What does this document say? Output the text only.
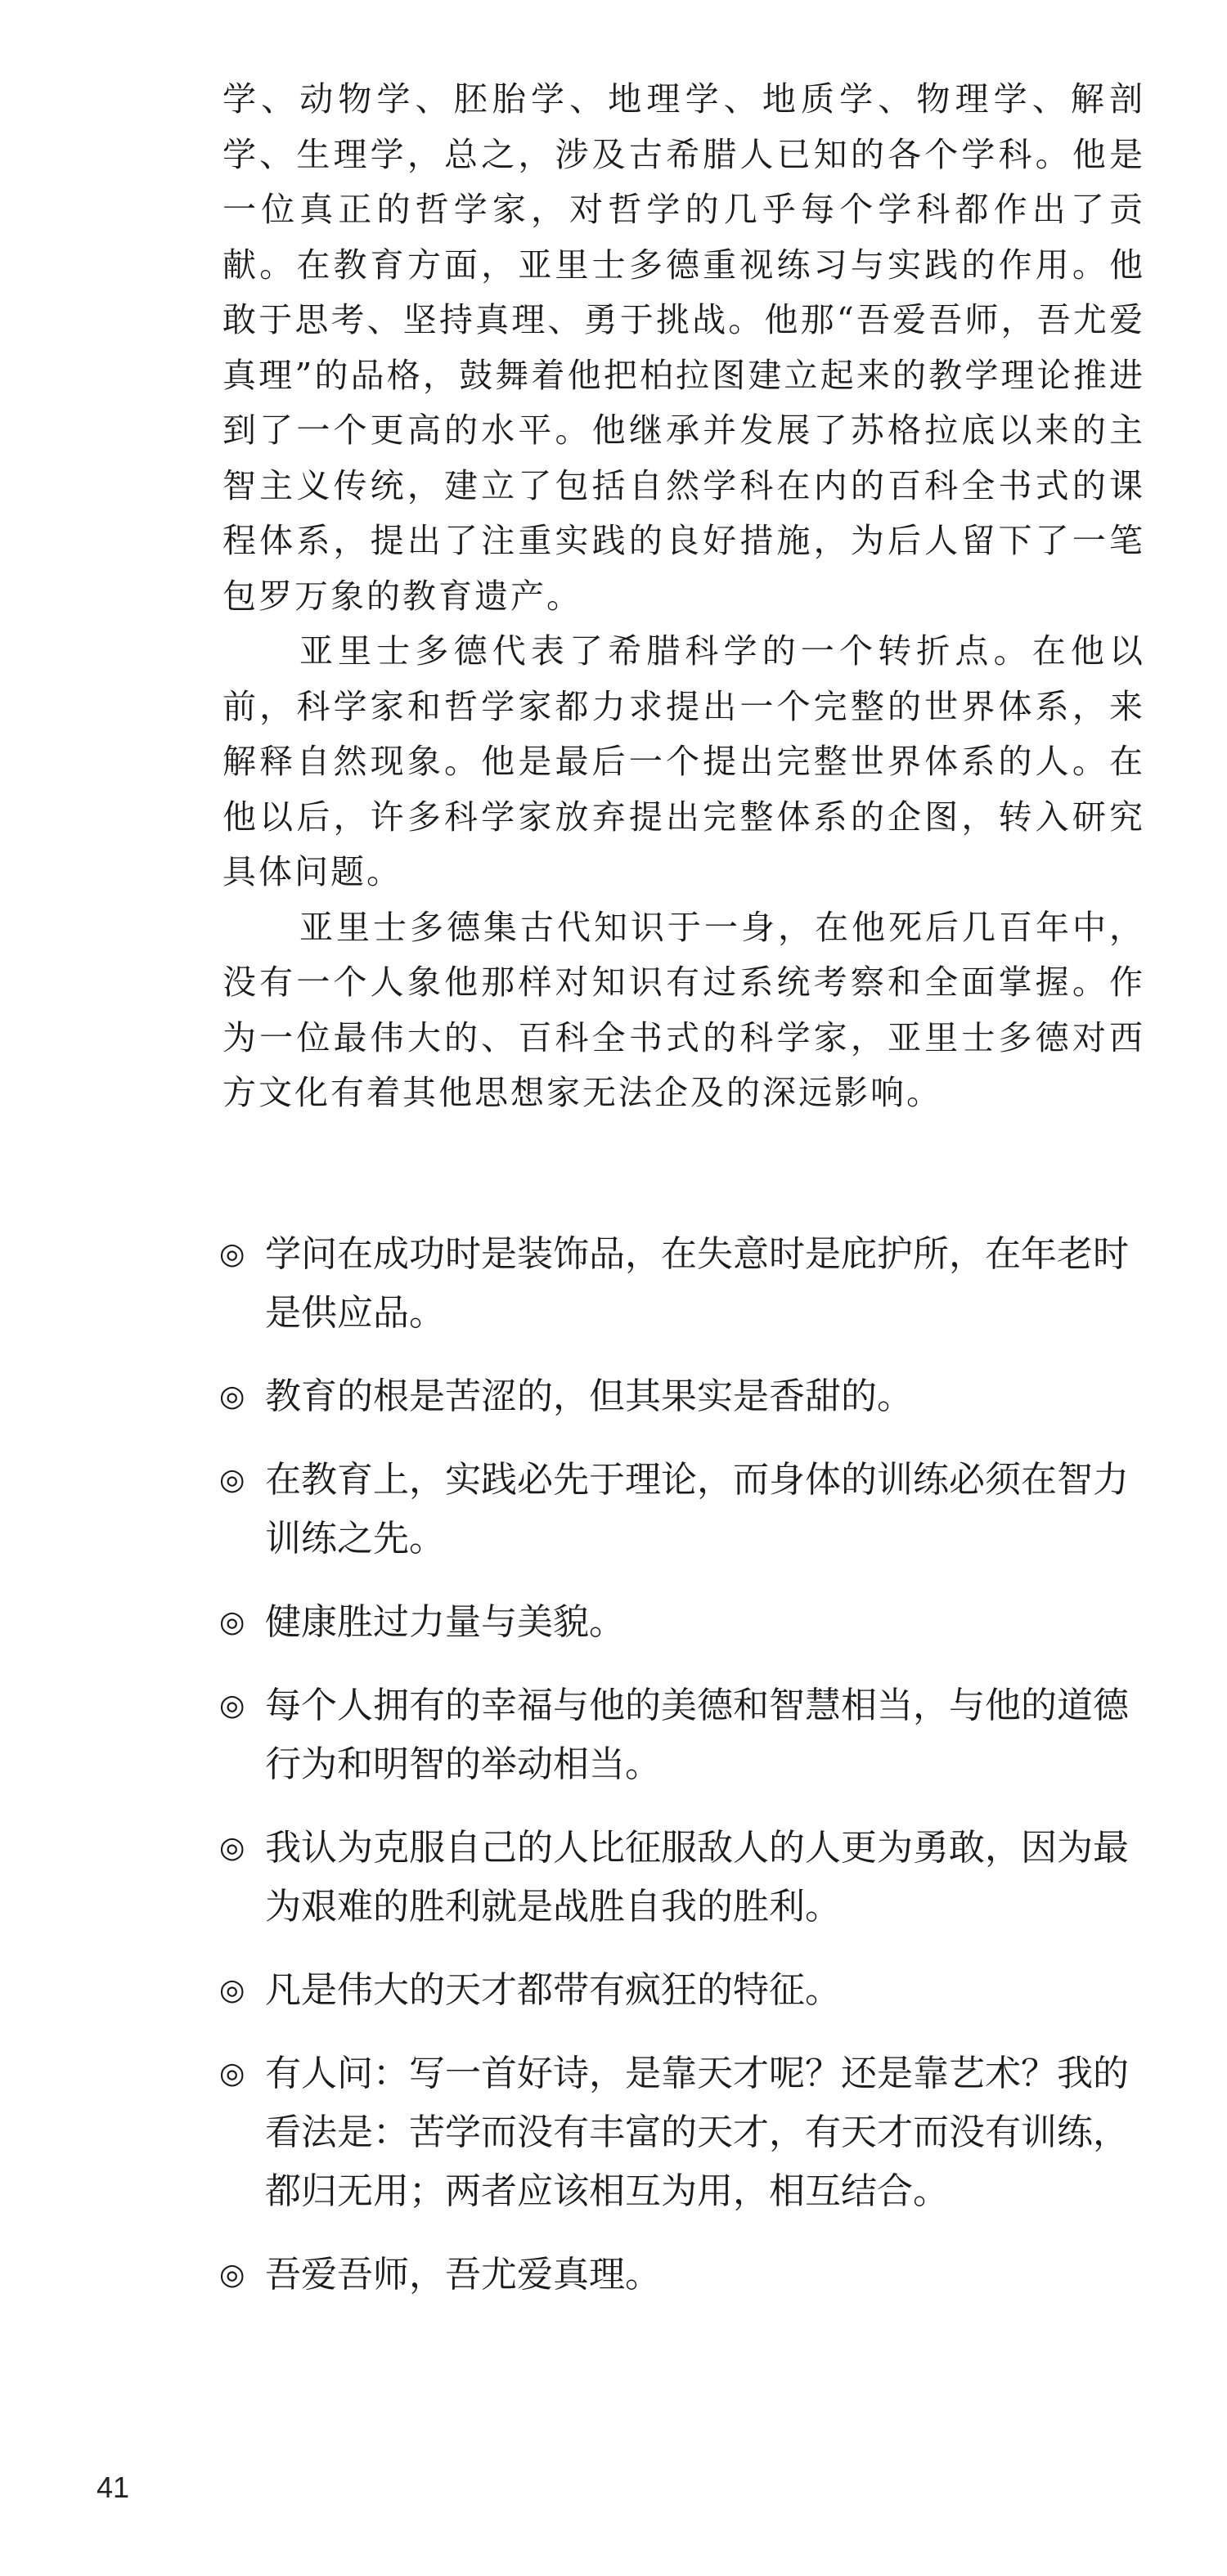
学、动物学、胚胎学、地理学、地质学、物理学、解剖学、生理学，总之，涉及古希腊人已知的各个学科。他是一位真正的哲学家，对哲学的几乎每个学科都作出了贡献。在教育方面，亚里士多德重视练习与实践的作用。他敢于思考、坚持真理、勇于挑战。他那“吾爱吾师，吾尤爱真理”的品格，鼓舞着他把柏拉图建立起来的教学理论推进到了一个更高的水平。他继承并发展了苏格拉底以来的主智主义传统，建立了包括自然学科在内的百科全书式的课程体系，提出了注重实践的良好措施，为后人留下了一笔包罗万象的教育遗产。

亚里士多德代表了希腊科学的一个转折点。在他以前，科学家和哲学家都力求提出一个完整的世界体系，来解释自然现象。他是最后一个提出完整世界体系的人。在他以后，许多科学家放弃提出完整体系的企图，转入研究具体问题。

亚里士多德集古代知识于一身，在他死后几百年中，没有一个人象他那样对知识有过系统考察和全面掌握。作为一位最伟大的、百科全书式的科学家，亚里士多德对西方文化有着其他思想家无法企及的深远影响。

◎ 学问在成功时是装饰品，在失意时是庇护所，在年老时是供应品。
◎ 教育的根是苦涩的，但其果实是香甜的。
◎ 在教育上，实践必先于理论，而身体的训练必须在智力训练之先。
◎ 健康胜过力量与美貌。
◎ 每个人拥有的幸福与他的美德和智慧相当，与他的道德行为和明智的举动相当。
◎ 我认为克服自己的人比征服敌人的人更为勇敢，因为最为艰难的胜利就是战胜自我的胜利。
◎ 凡是伟大的天才都带有疯狂的特征。
◎ 有人问：写一首好诗，是靠天才呢？还是靠艺术？我的看法是：苦学而没有丰富的天才，有天才而没有训练，都归无用；两者应该相互为用，相互结合。
◎ 吾爱吾师，吾尤爱真理。
41
